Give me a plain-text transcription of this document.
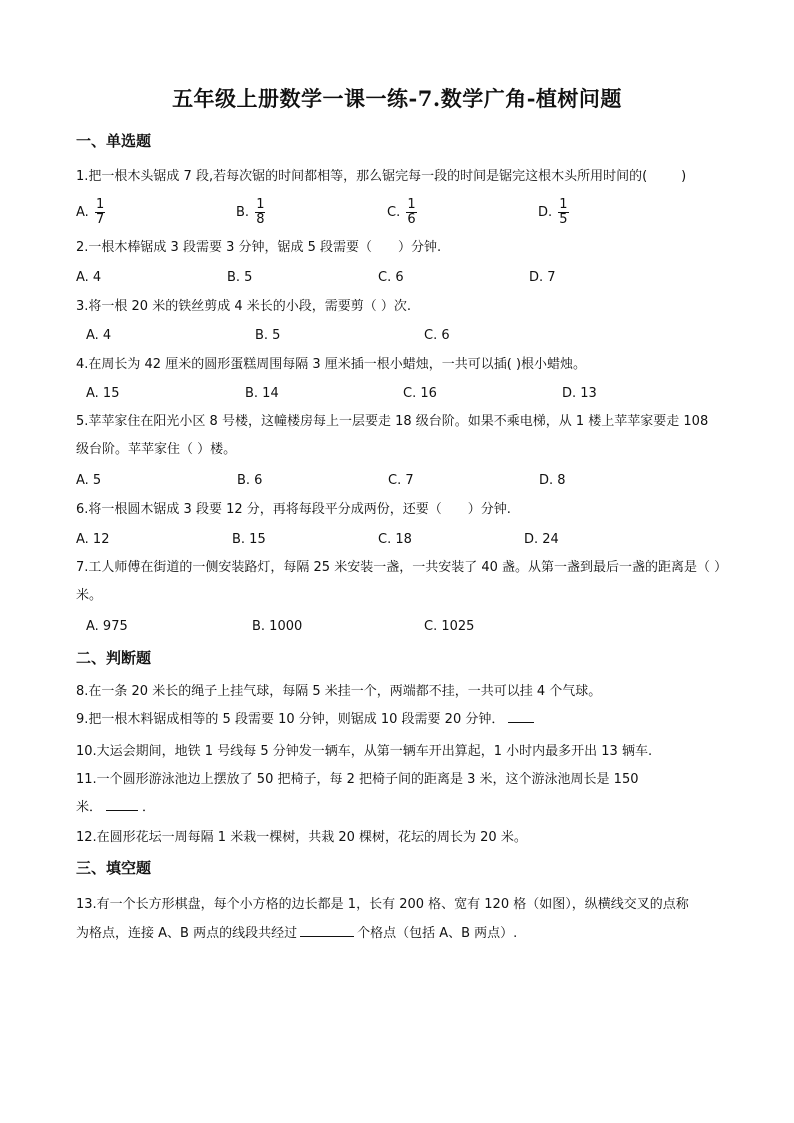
五年级上册数学一课一练-7.数学广角-植树问题
一、单选题
1.把一根木头锯成 7 段,若每次锯的时间都相等，那么锯完每一段的时间是锯完这根木头所用时间的(	)
A. $\frac{1}{7}$	B. $\frac{1}{8}$	C. $\frac{1}{6}$	D. $\frac{1}{5}$
2.一根木棒锯成 3 段需要 3 分钟，锯成 5 段需要（　　）分钟.
A. 4	B. 5	C. 6	D. 7
3.将一根 20 米的铁丝剪成 4 米长的小段，需要剪（ ）次.
A. 4	B. 5	C. 6
4.在周长为 42 厘米的圆形蛋糕周围每隔 3 厘米插一根小蜡烛，一共可以插( )根小蜡烛。
A. 15	B. 14	C. 16	D. 13
5.苹苹家住在阳光小区 8 号楼，这幢楼房每上一层要走 18 级台阶。如果不乘电梯，从 1 楼上苹苹家要走 108 级台阶。苹苹家住（ ）楼。
A. 5	B. 6	C. 7	D. 8
6.将一根圆木锯成 3 段要 12 分，再将每段平分成两份，还要（　　）分钟.
A. 12	B. 15	C. 18	D. 24
7.工人师傅在街道的一侧安装路灯，每隔 25 米安装一盏，一共安装了 40 盏。从第一盏到最后一盏的距离是（ ）米。
A. 975	B. 1000	C. 1025
二、判断题
8.在一条 20 米长的绳子上挂气球，每隔 5 米挂一个，两端都不挂，一共可以挂 4 个气球。
9.把一根木料锯成相等的 5 段需要 10 分钟，则锯成 10 段需要 20 分钟．
10.大运会期间，地铁 1 号线每 5 分钟发一辆车，从第一辆车开出算起，1 小时内最多开出 13 辆车.
11.一个圆形游泳池边上摆放了 50 把椅子，每 2 把椅子间的距离是 3 米，这个游泳池周长是 150
米．	．
12.在圆形花坛一周每隔 1 米栽一棵树，共栽 20 棵树，花坛的周长为 20 米。
三、填空题
13.有一个长方形棋盘，每个小方格的边长都是 1，长有 200 格、宽有 120 格（如图），纵横线交叉的点称
为格点，连接 A、B 两点的线段共经过	个格点（包括 A、B 两点）.
